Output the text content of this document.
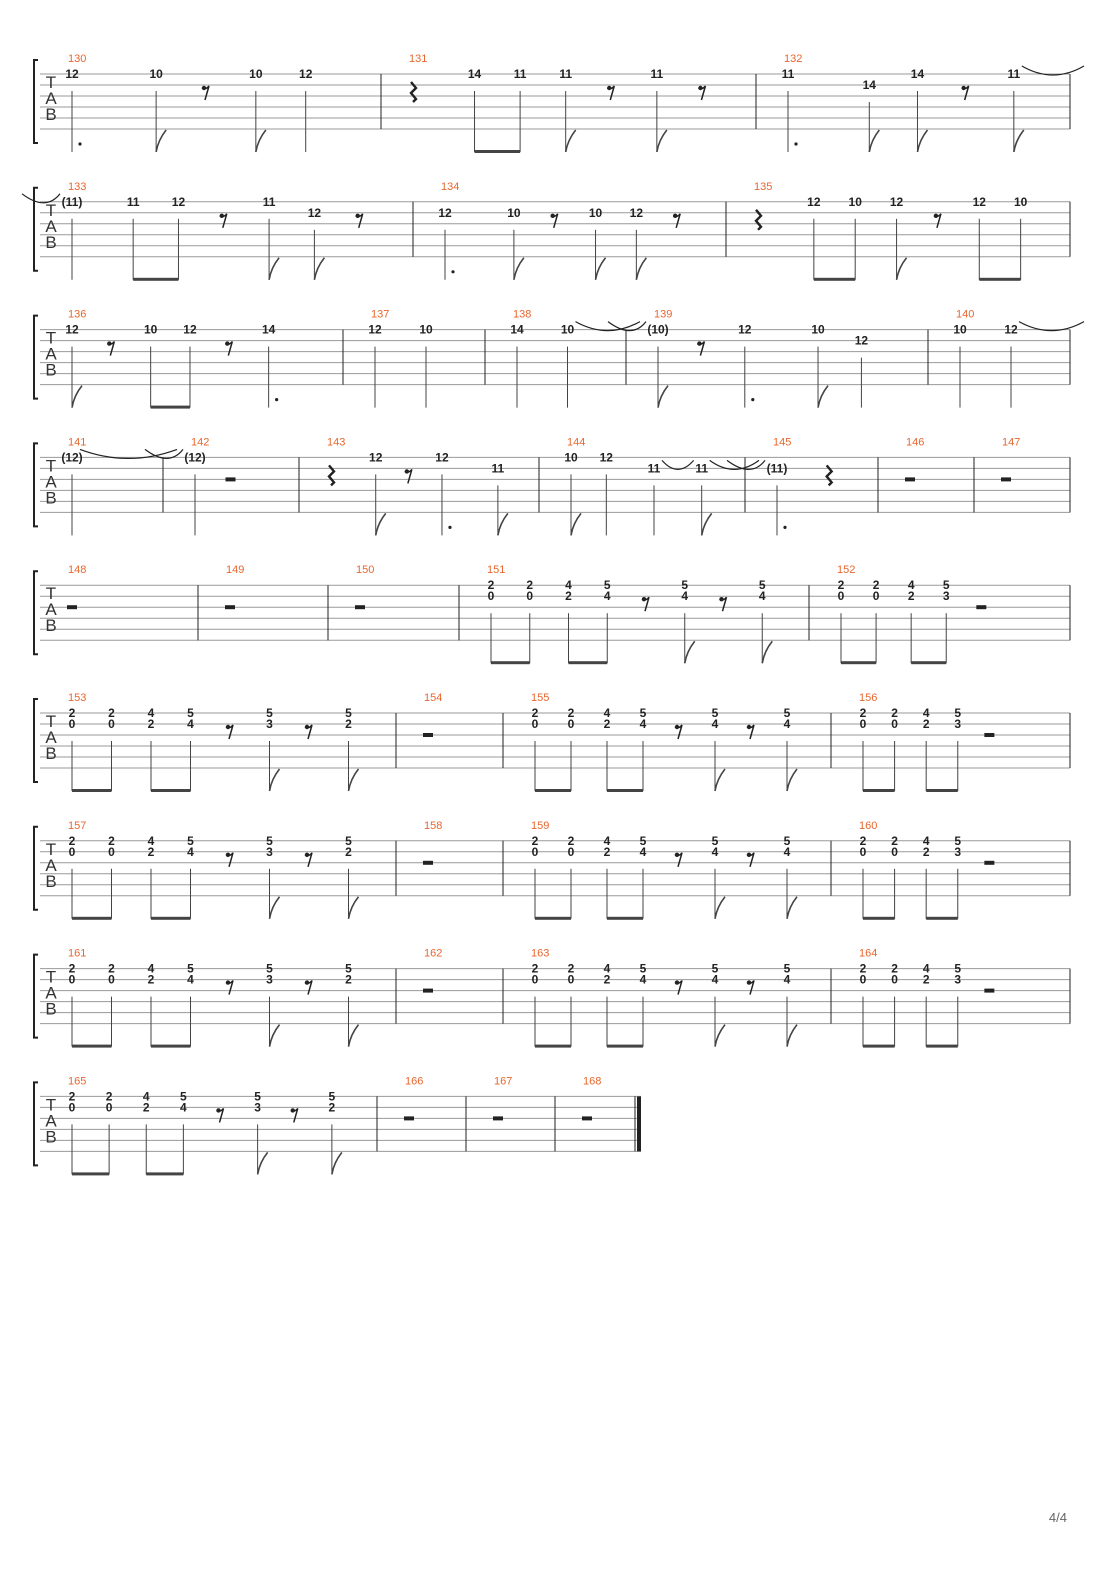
T
A
B
130
12	10	10	12
131
14	11	11	11
132
11
14
14	11
T
A
B
133
(11)	11	12	11
12
134
12	10	10 12
135
12 10 12	12 10
T
A
B
136
12	10 12	14
137
12	10
138
14	10
139
(10)	12	10
12
140
10	12
T
A
B
141
(12)
142
(12)
143
12	12
11
144
10 12
11	11
145
(11)
146	147
T
A
B
148	149	150	151
2
0
2
0
4
2
5
4
5
4
5
4
152
2
0
2
0
4
2
5
3
T
A
B
153
2
0
2
0
4
2
5
4
5
3
5
2
154	155
2
0
2
0
4
2
5
4
5
4
5
4
156
2
0
2
0
4
2
5
3
T
A
B
157
2
0
2
0
4
2
5
4
5
3
5
2
158	159
2
0
2
0
4
2
5
4
5
4
5
4
160
2
0
2
0
4
2
5
3
T
A
B
161
2
0
2
0
4
2
5
4
5
3
5
2
162	163
2
0
2
0
4
2
5
4
5
4
5
4
164
2
0
2
0
4
2
5
3
T
A
B
165
2
0
2
0
4
2
5
4
5
3
5
2
166	167	168
4/4
